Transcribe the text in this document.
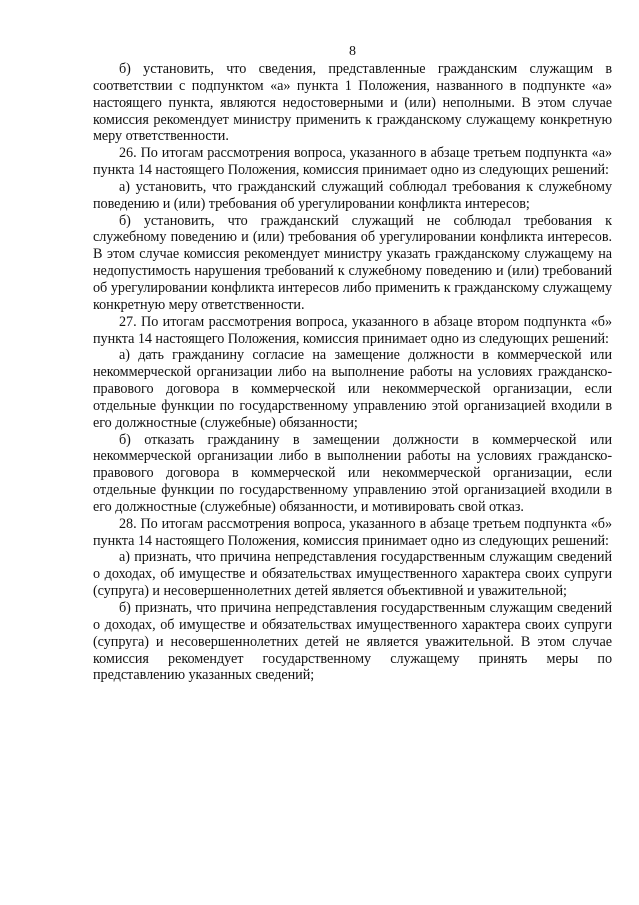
8

б) установить, что сведения, представленные гражданским служащим в соответствии с подпунктом «а» пункта 1 Положения, названного в подпункте «а» настоящего пункта, являются недостоверными и (или) неполными. В этом случае комиссия рекомендует министру применить к гражданскому служащему конкретную меру ответственности.

26. По итогам рассмотрения вопроса, указанного в абзаце третьем подпункта «а» пункта 14 настоящего Положения, комиссия принимает одно из следующих решений:

а) установить, что гражданский служащий соблюдал требования к служебному поведению и (или) требования об урегулировании конфликта интересов;

б) установить, что гражданский служащий не соблюдал требования к служебному поведению и (или) требования об урегулировании конфликта интересов. В этом случае комиссия рекомендует министру указать гражданскому служащему на недопустимость нарушения требований к служебному поведению и (или) требований об урегулировании конфликта интересов либо применить к гражданскому служащему конкретную меру ответственности.

27. По итогам рассмотрения вопроса, указанного в абзаце втором подпункта «б» пункта 14 настоящего Положения, комиссия принимает одно из следующих решений:

а) дать гражданину согласие на замещение должности в коммерческой или некоммерческой организации либо на выполнение работы на условиях гражданско-правового договора в коммерческой или некоммерческой организации, если отдельные функции по государственному управлению этой организацией входили в его должностные (служебные) обязанности;

б) отказать гражданину в замещении должности в коммерческой или некоммерческой организации либо в выполнении работы на условиях гражданско-правового договора в коммерческой или некоммерческой организации, если отдельные функции по государственному управлению этой организацией входили в его должностные (служебные) обязанности, и мотивировать свой отказ.

28. По итогам рассмотрения вопроса, указанного в абзаце третьем подпункта «б» пункта 14 настоящего Положения, комиссия принимает одно из следующих решений:

а) признать, что причина непредставления государственным служащим сведений о доходах, об имуществе и обязательствах имущественного характера своих супруги (супруга) и несовершеннолетних детей является объективной и уважительной;

б) признать, что причина непредставления государственным служащим сведений о доходах, об имуществе и обязательствах имущественного характера своих супруги (супруга) и несовершеннолетних детей не является уважительной. В этом случае комиссия рекомендует государственному служащему принять меры по представлению указанных сведений;
